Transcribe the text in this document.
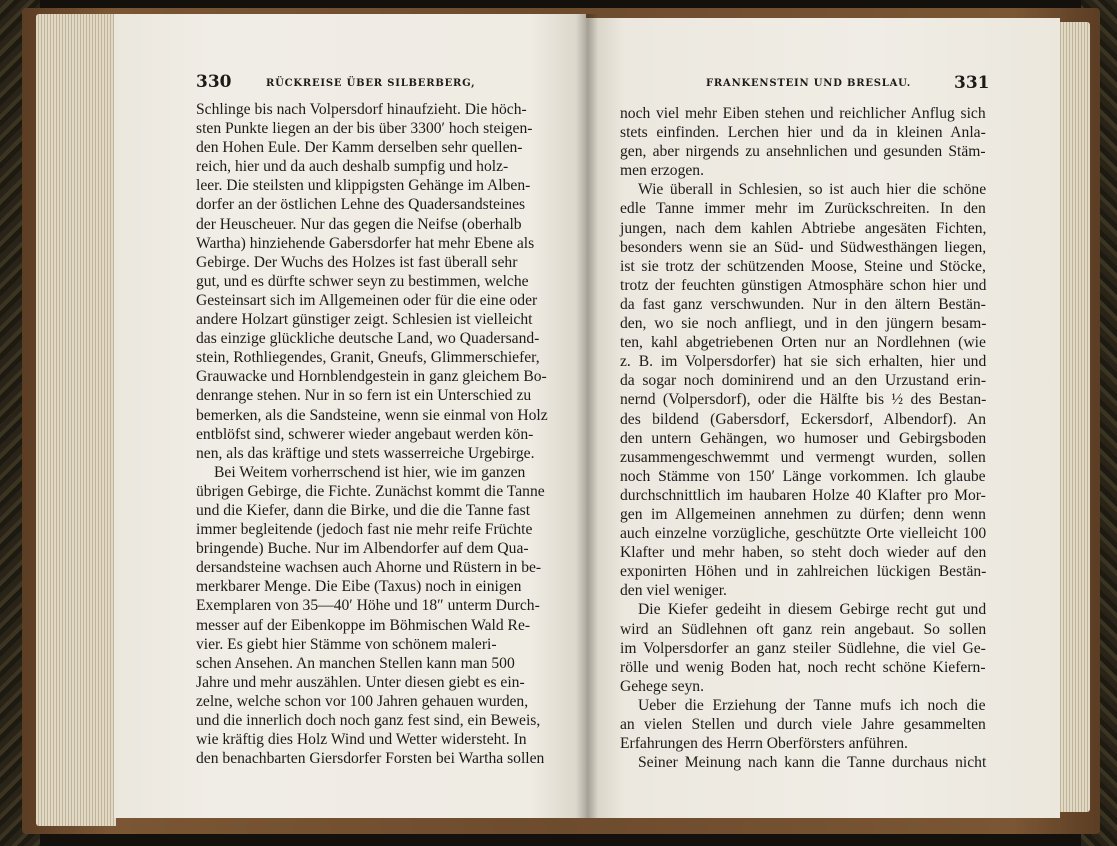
330	RÜCKREISE ÜBER SILBERBERG,
Schlinge bis nach Volpersdorf hinaufzieht. Die höch-
sten Punkte liegen an der bis über 3300′ hoch steigen-
den Hohen Eule. Der Kamm derselben sehr quellen-
reich, hier und da auch deshalb sumpfig und holz-
leer. Die steilsten und klippigsten Gehänge im Alben-
dorfer an der östlichen Lehne des Quadersandsteines
der Heuscheuer. Nur das gegen die Neifse (oberhalb
Wartha) hinziehende Gabersdorfer hat mehr Ebene als
Gebirge. Der Wuchs des Holzes ist fast überall sehr
gut, und es dürfte schwer seyn zu bestimmen, welche
Gesteinsart sich im Allgemeinen oder für die eine oder
andere Holzart günstiger zeigt. Schlesien ist vielleicht
das einzige glückliche deutsche Land, wo Quadersand-
stein, Rothliegendes, Granit, Gneufs, Glimmerschiefer,
Grauwacke und Hornblendgestein in ganz gleichem Bo-
denrange stehen. Nur in so fern ist ein Unterschied zu
bemerken, als die Sandsteine, wenn sie einmal von Holz
entblöfst sind, schwerer wieder angebaut werden kön-
nen, als das kräftige und stets wasserreiche Urgebirge.
Bei Weitem vorherrschend ist hier, wie im ganzen
übrigen Gebirge, die Fichte. Zunächst kommt die Tanne
und die Kiefer, dann die Birke, und die die Tanne fast
immer begleitende (jedoch fast nie mehr reife Früchte
bringende) Buche. Nur im Albendorfer auf dem Qua-
dersandsteine wachsen auch Ahorne und Rüstern in be-
merkbarer Menge. Die Eibe (Taxus) noch in einigen
Exemplaren von 35—40′ Höhe und 18″ unterm Durch-
messer auf der Eibenkoppe im Böhmischen Wald Re-
vier. Es giebt hier Stämme von schönem maleri-
schen Ansehen. An manchen Stellen kann man 500
Jahre und mehr auszählen. Unter diesen giebt es ein-
zelne, welche schon vor 100 Jahren gehauen wurden,
und die innerlich doch noch ganz fest sind, ein Beweis,
wie kräftig dies Holz Wind und Wetter widersteht. In
den benachbarten Giersdorfer Forsten bei Wartha sollen
FRANKENSTEIN UND BRESLAU.	331
noch viel mehr Eiben stehen und reichlicher Anflug sich
stets einfinden. Lerchen hier und da in kleinen Anla-
gen, aber nirgends zu ansehnlichen und gesunden Stäm-
men erzogen.
Wie überall in Schlesien, so ist auch hier die schöne
edle Tanne immer mehr im Zurückschreiten. In den
jungen, nach dem kahlen Abtriebe angesäten Fichten,
besonders wenn sie an Süd- und Südwesthängen liegen,
ist sie trotz der schützenden Moose, Steine und Stöcke,
trotz der feuchten günstigen Atmosphäre schon hier und
da fast ganz verschwunden. Nur in den ältern Bestän-
den, wo sie noch anfliegt, und in den jüngern besam-
ten, kahl abgetriebenen Orten nur an Nordlehnen (wie
z. B. im Volpersdorfer) hat sie sich erhalten, hier und
da sogar noch dominirend und an den Urzustand erin-
nernd (Volpersdorf), oder die Hälfte bis ½ des Bestan-
des bildend (Gabersdorf, Eckersdorf, Albendorf). An
den untern Gehängen, wo humoser und Gebirgsboden
zusammengeschwemmt und vermengt wurden, sollen
noch Stämme von 150′ Länge vorkommen. Ich glaube
durchschnittlich im haubaren Holze 40 Klafter pro Mor-
gen im Allgemeinen annehmen zu dürfen; denn wenn
auch einzelne vorzügliche, geschützte Orte vielleicht 100
Klafter und mehr haben, so steht doch wieder auf den
exponirten Höhen und in zahlreichen lückigen Bestän-
den viel weniger.
Die Kiefer gedeiht in diesem Gebirge recht gut und
wird an Südlehnen oft ganz rein angebaut. So sollen
im Volpersdorfer an ganz steiler Südlehne, die viel Ge-
rölle und wenig Boden hat, noch recht schöne Kiefern-
Gehege seyn.
Ueber die Erziehung der Tanne mufs ich noch die
an vielen Stellen und durch viele Jahre gesammelten
Erfahrungen des Herrn Oberförsters anführen.
Seiner Meinung nach kann die Tanne durchaus nicht
